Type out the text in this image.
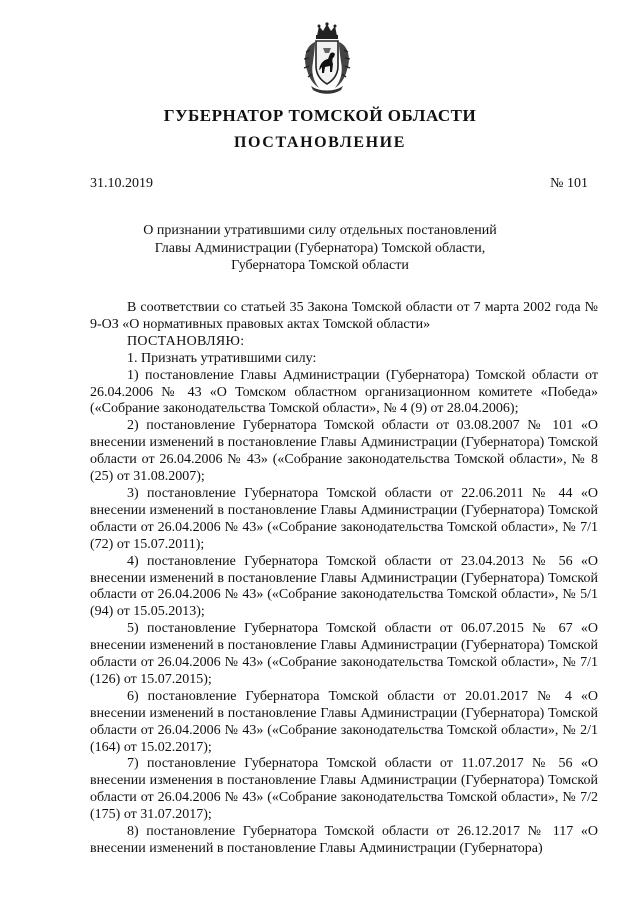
ГУБЕРНАТОР ТОМСКОЙ ОБЛАСТИ
ПОСТАНОВЛЕНИЕ
31.10.2019	№ 101
О признании утратившими силу отдельных постановлений
Главы Администрации (Губернатора) Томской области,
Губернатора Томской области

В соответствии со статьей 35 Закона Томской области от 7 марта 2002 года № 9-ОЗ «О нормативных правовых актах Томской области»

ПОСТАНОВЛЯЮ:

1. Признать утратившими силу:

1) постановление Главы Администрации (Губернатора) Томской области от 26.04.2006 № 43 «О Томском областном организационном комитете «Победа» («Собрание законодательства Томской области», № 4 (9) от 28.04.2006);

2) постановление Губернатора Томской области от 03.08.2007 № 101 «О внесении изменений в постановление Главы Администрации (Губернатора) Томской области от 26.04.2006 № 43» («Собрание законодательства Томской области», № 8 (25) от 31.08.2007);

3) постановление Губернатора Томской области от 22.06.2011 № 44 «О внесении изменений в постановление Главы Администрации (Губернатора) Томской области от 26.04.2006 № 43» («Собрание законодательства Томской области», № 7/1 (72) от 15.07.2011);

4) постановление Губернатора Томской области от 23.04.2013 № 56 «О внесении изменений в постановление Главы Администрации (Губернатора) Томской области от 26.04.2006 № 43» («Собрание законодательства Томской области», № 5/1 (94) от 15.05.2013);

5) постановление Губернатора Томской области от 06.07.2015 № 67 «О внесении изменений в постановление Главы Администрации (Губернатора) Томской области от 26.04.2006 № 43» («Собрание законодательства Томской области», № 7/1 (126) от 15.07.2015);

6) постановление Губернатора Томской области от 20.01.2017 № 4 «О внесении изменений в постановление Главы Администрации (Губернатора) Томской области от 26.04.2006 № 43» («Собрание законодательства Томской области», № 2/1 (164) от 15.02.2017);

7) постановление Губернатора Томской области от 11.07.2017 № 56 «О внесении изменения в постановление Главы Администрации (Губернатора) Томской области от 26.04.2006 № 43» («Собрание законодательства Томской области», № 7/2 (175) от 31.07.2017);

8) постановление Губернатора Томской области от 26.12.2017 № 117 «О внесении изменений в постановление Главы Администрации (Губернатора)
